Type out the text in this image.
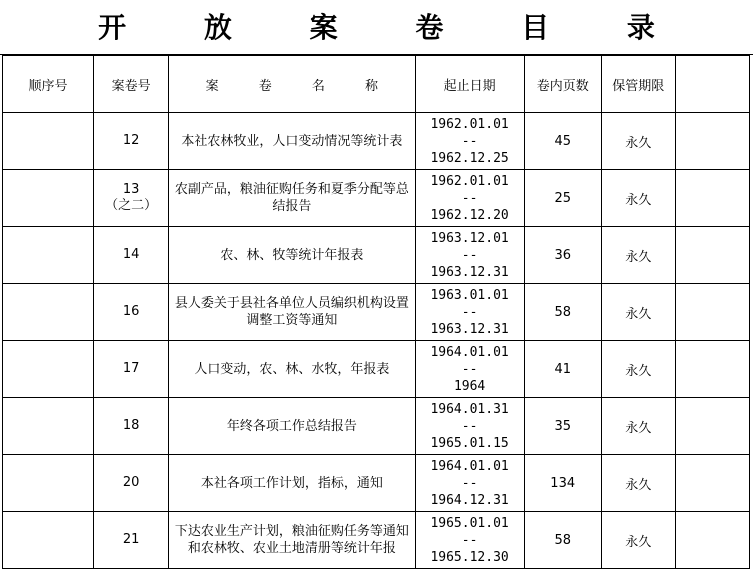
开 放 案 卷 目 录
顺序号	案卷号	案 卷 名 称	起止日期	卷内页数	保管期限	

	12	本社农林牧业，人口变动情况等统计表	1962.01.01
--
1962.12.25	45	永久	

	13
（之二）	农副产品，粮油征购任务和夏季分配等总结报告	1962.01.01
--
1962.12.20	25	永久	

	14	农、林、牧等统计年报表	1963.12.01
--
1963.12.31	36	永久	

	16	县人委关于县社各单位人员编织机构设置调整工资等通知	1963.01.01
--
1963.12.31	58	永久	

	17	人口变动，农、林、水牧，年报表	1964.01.01
--
1964	41	永久	

	18	年终各项工作总结报告	1964.01.31
--
1965.01.15	35	永久	

	20	本社各项工作计划，指标，通知	1964.01.01
--
1964.12.31	134	永久	

	21	下达农业生产计划，粮油征购任务等通知和农林牧、农业土地清册等统计年报	1965.01.01
--
1965.12.30	58	永久	
